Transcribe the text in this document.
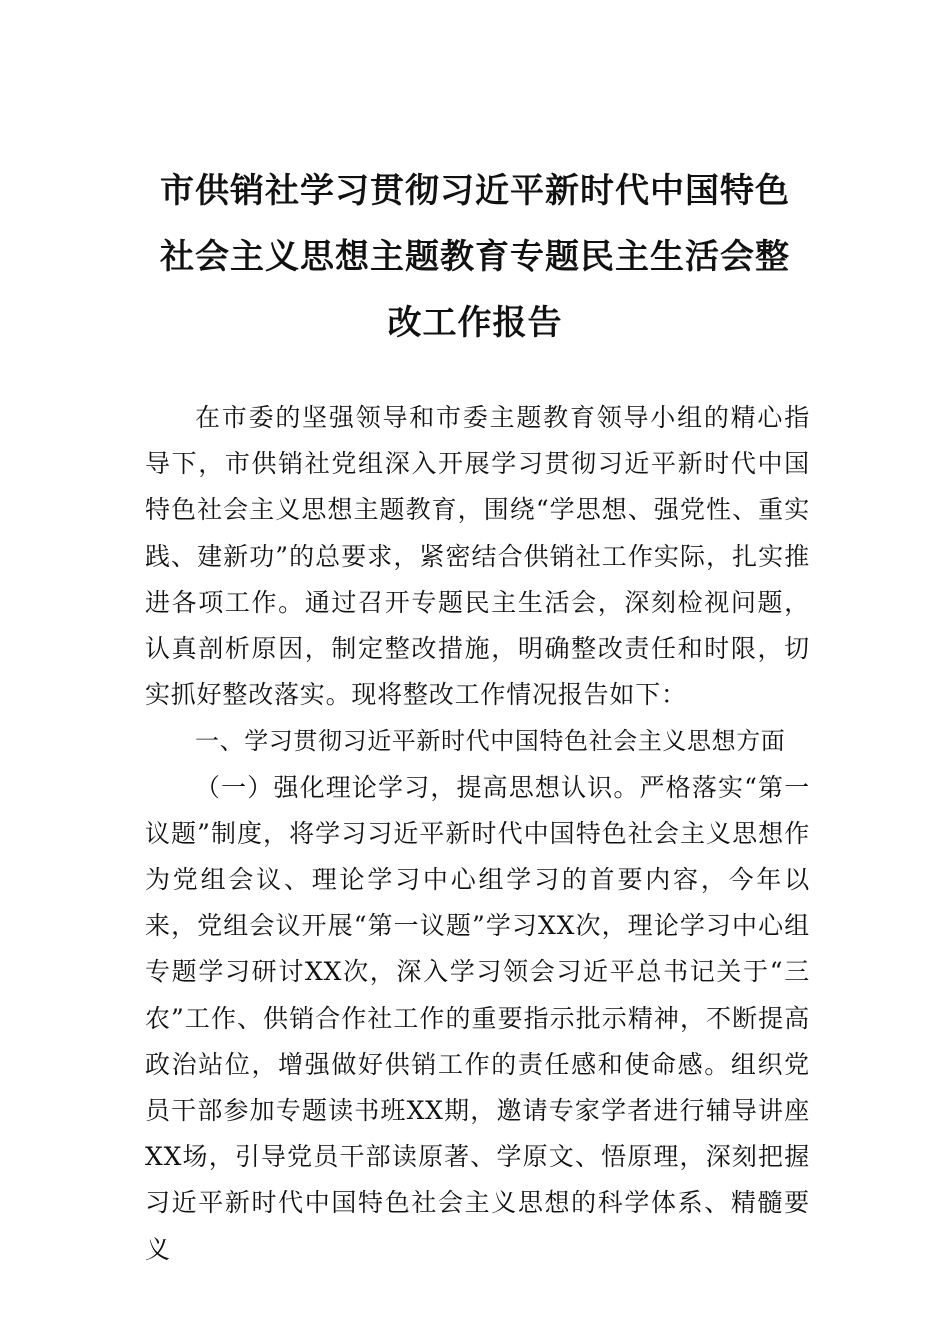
市供销社学习贯彻习近平新时代中国特色
社会主义思想主题教育专题民主生活会整
改工作报告

在市委的坚强领导和市委主题教育领导小组的精心指导下，市供销社党组深入开展学习贯彻习近平新时代中国特色社会主义思想主题教育，围绕“学思想、强党性、重实践、建新功”的总要求，紧密结合供销社工作实际，扎实推进各项工作。通过召开专题民主生活会，深刻检视问题，认真剖析原因，制定整改措施，明确整改责任和时限，切实抓好整改落实。现将整改工作情况报告如下：

一、学习贯彻习近平新时代中国特色社会主义思想方面

（一）强化理论学习，提高思想认识。严格落实“第一议题”制度，将学习习近平新时代中国特色社会主义思想作为党组会议、理论学习中心组学习的首要内容，今年以来，党组会议开展“第一议题”学习XX次，理论学习中心组专题学习研讨XX次，深入学习领会习近平总书记关于“三农”工作、供销合作社工作的重要指示批示精神，不断提高政治站位，增强做好供销工作的责任感和使命感。组织党员干部参加专题读书班XX期，邀请专家学者进行辅导讲座XX场，引导党员干部读原著、学原文、悟原理，深刻把握习近平新时代中国特色社会主义思想的科学体系、精髓要义
